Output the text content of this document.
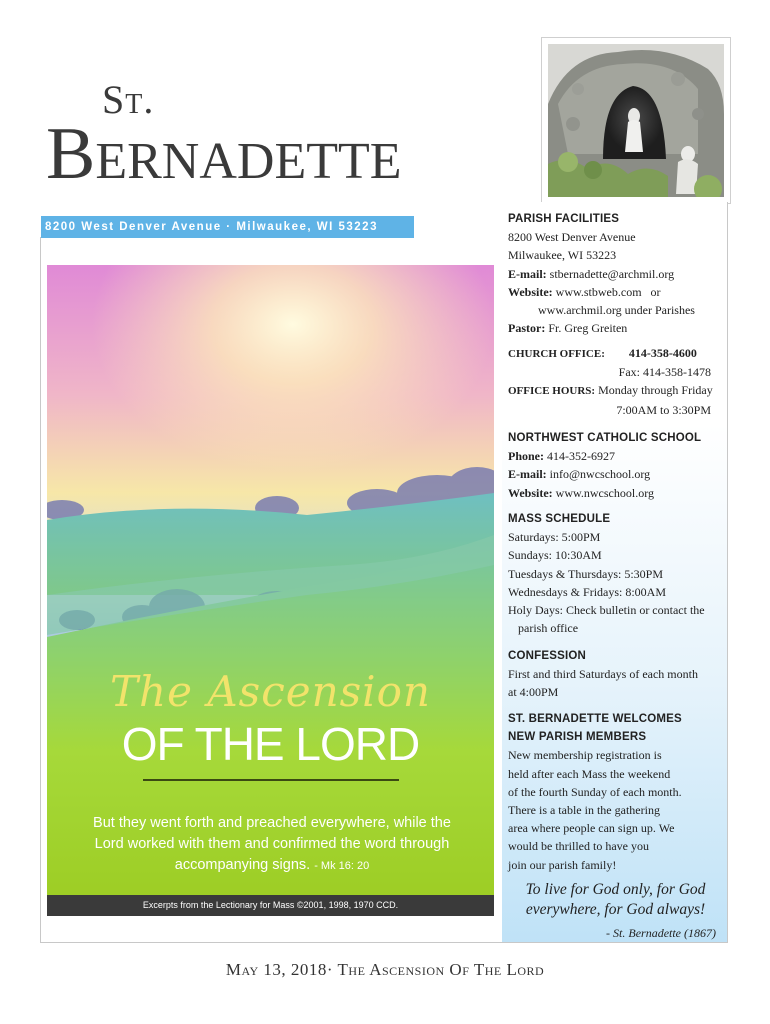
St.
Bernadette
8200 West Denver Avenue · Milwaukee, WI 53223
The Ascension
OF THE LORD
But they went forth and preached everywhere, while the Lord worked with them and confirmed the word through accompanying signs. - Mk 16: 20
Excerpts from the Lectionary for Mass ©2001, 1998, 1970 CCD.
PARISH FACILITIES
8200 West Denver Avenue
Milwaukee, WI 53223
E-mail: stbernadette@archmil.org
Website: www.stbweb.com   or
www.archmil.org under Parishes
Pastor: Fr. Greg Greiten
CHURCH OFFICE: 414-358-4600
Fax: 414-358-1478
OFFICE HOURS: Monday through Friday
7:00AM to 3:30PM
NORTHWEST CATHOLIC SCHOOL
Phone: 414-352-6927
E-mail: info@nwcschool.org
Website: www.nwcschool.org
MASS SCHEDULE
Saturdays: 5:00PM
Sundays: 10:30AM
Tuesdays & Thursdays: 5:30PM
Wednesdays & Fridays: 8:00AM
Holy Days: Check bulletin or contact the
parish office
CONFESSION
First and third Saturdays of each month
at 4:00PM
ST. BERNADETTE WELCOMES
NEW PARISH MEMBERS
New membership registration is
held after each Mass the weekend
of the fourth Sunday of each month.
There is a table in the gathering
area where people can sign up. We
would be thrilled to have you
join our parish family!
To live for God only, for God everywhere, for God always!
- St. Bernadette (1867)
May 13, 2018· The Ascension Of The Lord
